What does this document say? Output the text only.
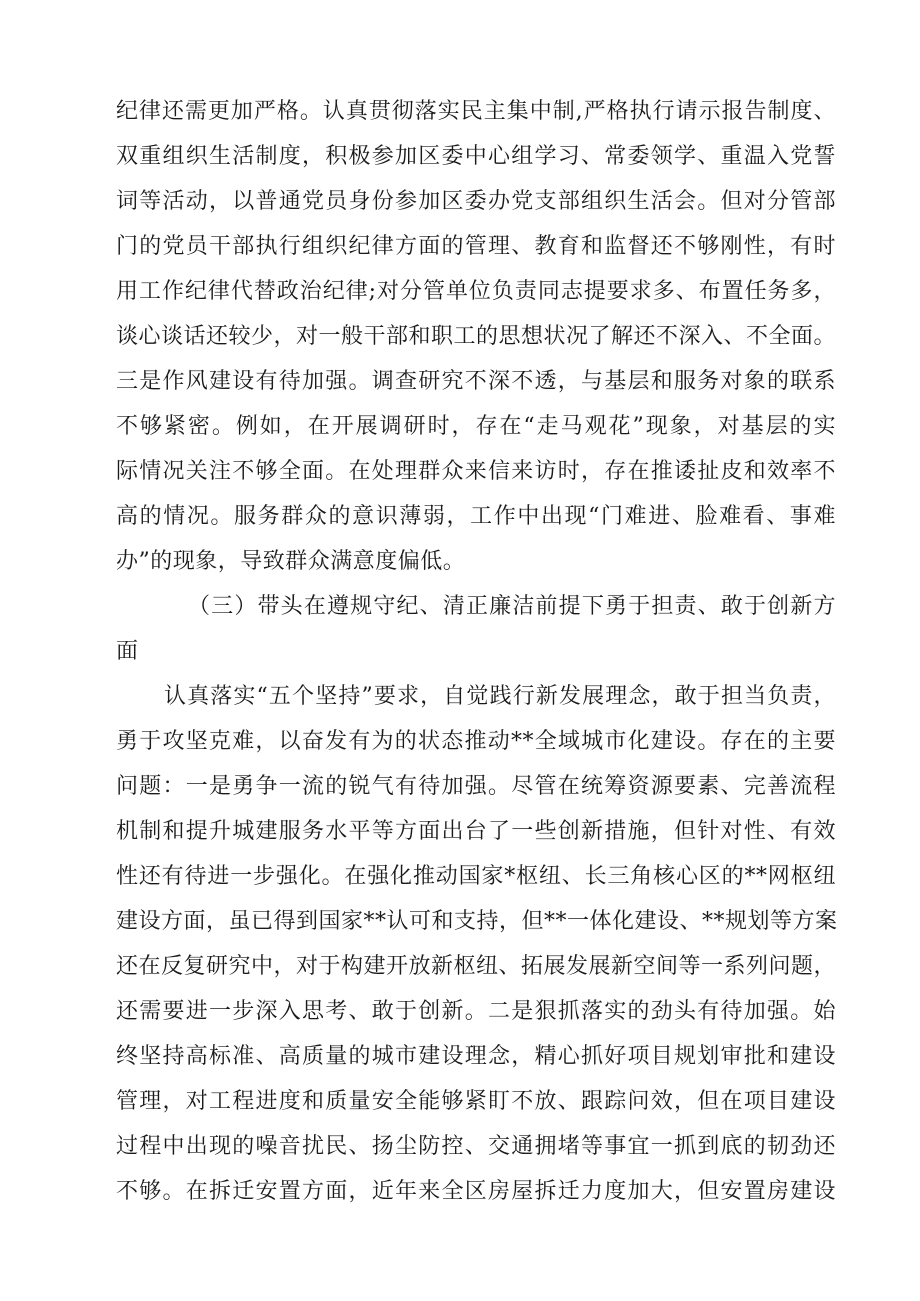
纪律还需更加严格。认真贯彻落实民主集中制,严格执行请示报告制度、
双重组织生活制度，积极参加区委中心组学习、常委领学、重温入党誓
词等活动，以普通党员身份参加区委办党支部组织生活会。但对分管部
门的党员干部执行组织纪律方面的管理、教育和监督还不够刚性，有时
用工作纪律代替政治纪律;对分管单位负责同志提要求多、布置任务多，
谈心谈话还较少，对一般干部和职工的思想状况了解还不深入、不全面。
三是作风建设有待加强。调查研究不深不透，与基层和服务对象的联系
不够紧密。例如，在开展调研时，存在“走马观花”现象，对基层的实
际情况关注不够全面。在处理群众来信来访时，存在推诿扯皮和效率不
高的情况。服务群众的意识薄弱，工作中出现“门难进、脸难看、事难
办”的现象，导致群众满意度偏低。
（三）带头在遵规守纪、清正廉洁前提下勇于担责、敢于创新方
面
认真落实“五个坚持”要求，自觉践行新发展理念，敢于担当负责，
勇于攻坚克难，以奋发有为的状态推动**全域城市化建设。存在的主要
问题：一是勇争一流的锐气有待加强。尽管在统筹资源要素、完善流程
机制和提升城建服务水平等方面出台了一些创新措施，但针对性、有效
性还有待进一步强化。在强化推动国家*枢纽、长三角核心区的**网枢纽
建设方面，虽已得到国家**认可和支持，但**一体化建设、**规划等方案
还在反复研究中，对于构建开放新枢纽、拓展发展新空间等一系列问题，
还需要进一步深入思考、敢于创新。二是狠抓落实的劲头有待加强。始
终坚持高标准、高质量的城市建设理念，精心抓好项目规划审批和建设
管理，对工程进度和质量安全能够紧盯不放、跟踪问效，但在项目建设
过程中出现的噪音扰民、扬尘防控、交通拥堵等事宜一抓到底的韧劲还
不够。在拆迁安置方面，近年来全区房屋拆迁力度加大，但安置房建设
